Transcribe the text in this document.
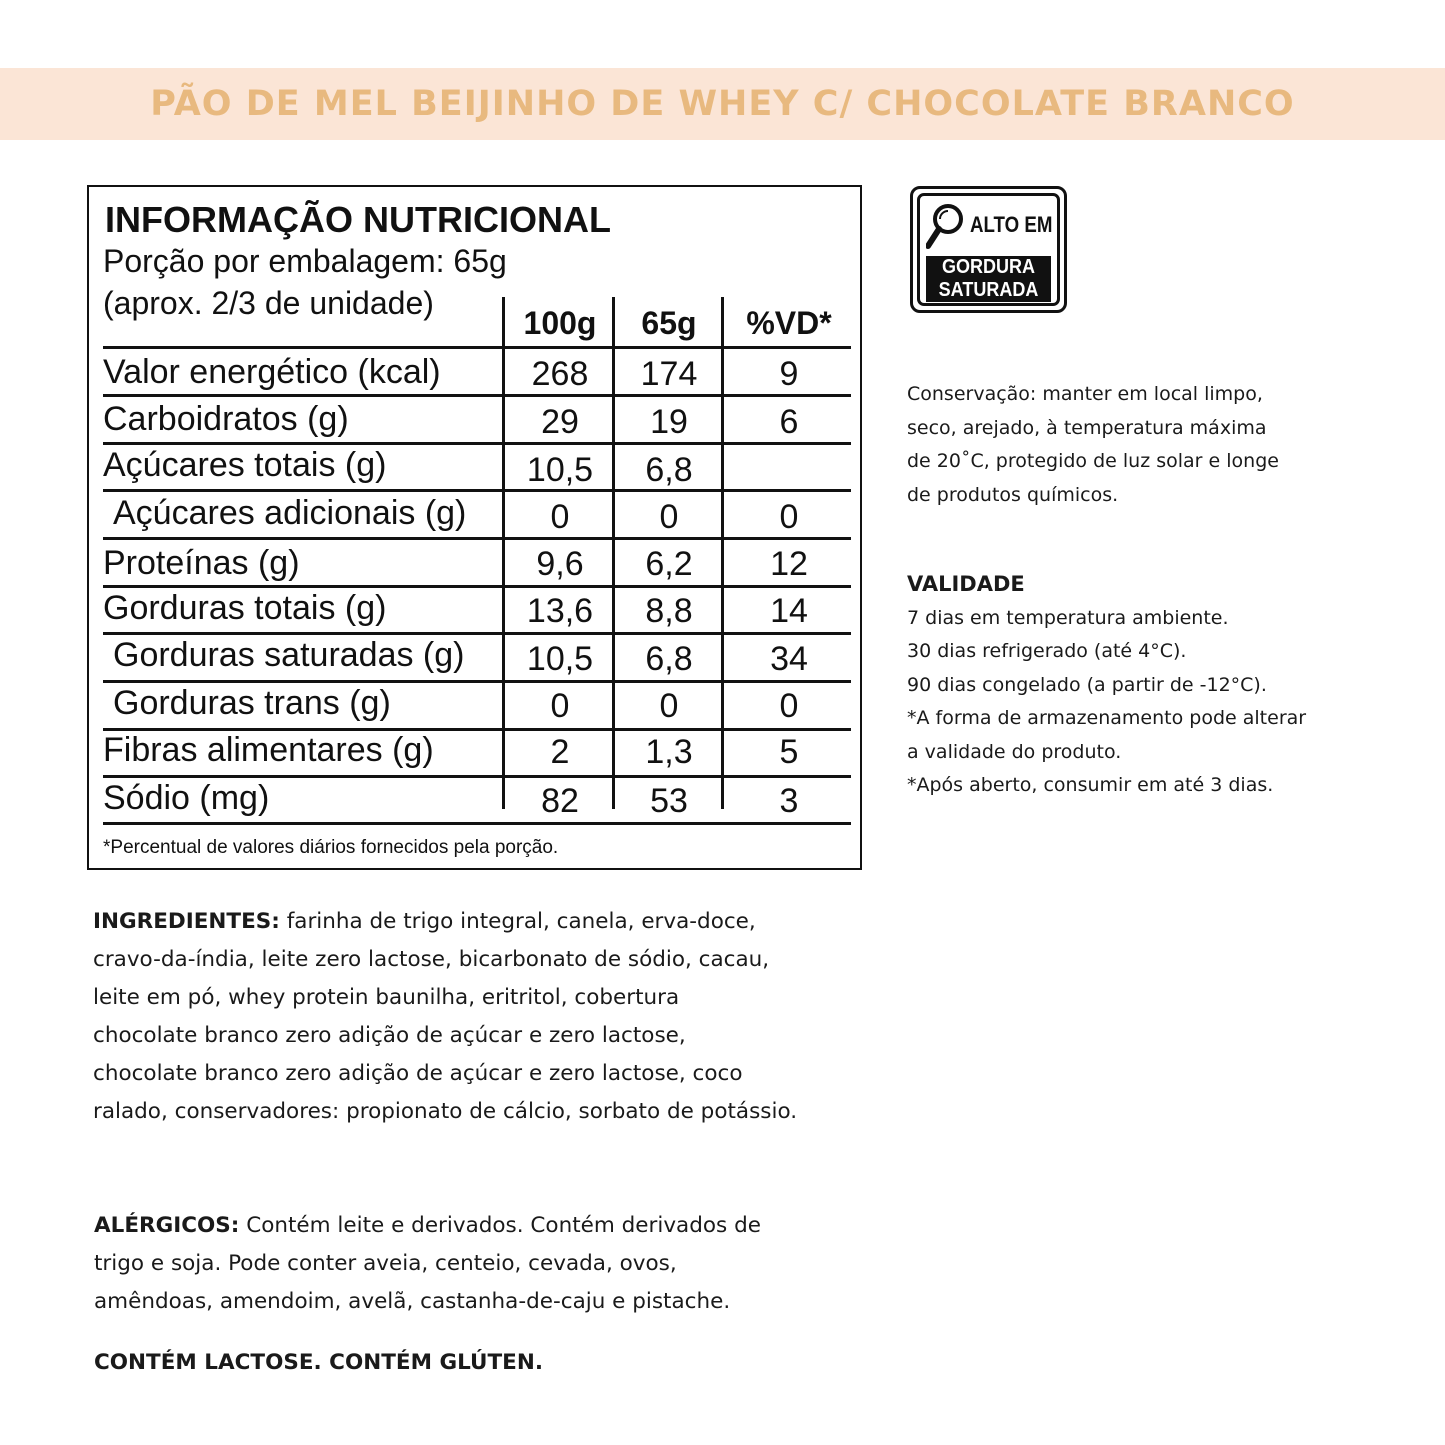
PÃO DE MEL BEIJINHO DE WHEY C/ CHOCOLATE BRANCO
INFORMAÇÃO NUTRICIONAL
Porção por embalagem: 65g
(aprox. 2/3 de unidade)
100g	65g	%VD*
Valor energético (kcal)	268	174	9
Carboidratos (g)	29	19	6
Açúcares totais (g)	10,5	6,8
Açúcares adicionais (g)	0	0	0
Proteínas (g)	9,6	6,2	12
Gorduras totais (g)	13,6	8,8	14
Gorduras saturadas (g)	10,5	6,8	34
Gorduras trans (g)	0	0	0
Fibras alimentares (g)	2	1,3	5
Sódio (mg)	82	53	3
*Percentual de valores diários fornecidos pela porção.
ALTO EM
GORDURA
SATURADA
Conservação: manter em local limpo,
seco, arejado, à temperatura máxima
de 20˚C, protegido de luz solar e longe
de produtos químicos.
VALIDADE
7 dias em temperatura ambiente.
30 dias refrigerado (até 4°C).
90 dias congelado (a partir de -12°C).
*A forma de armazenamento pode alterar
a validade do produto.
*Após aberto, consumir em até 3 dias.
INGREDIENTES: farinha de trigo integral, canela, erva-doce,
cravo-da-índia, leite zero lactose, bicarbonato de sódio, cacau,
leite em pó, whey protein baunilha, eritritol, cobertura
chocolate branco zero adição de açúcar e zero lactose,
chocolate branco zero adição de açúcar e zero lactose, coco
ralado, conservadores: propionato de cálcio, sorbato de potássio.
ALÉRGICOS: Contém leite e derivados. Contém derivados de
trigo e soja. Pode conter aveia, centeio, cevada, ovos,
amêndoas, amendoim, avelã, castanha-de-caju e pistache.
CONTÉM LACTOSE. CONTÉM GLÚTEN.
